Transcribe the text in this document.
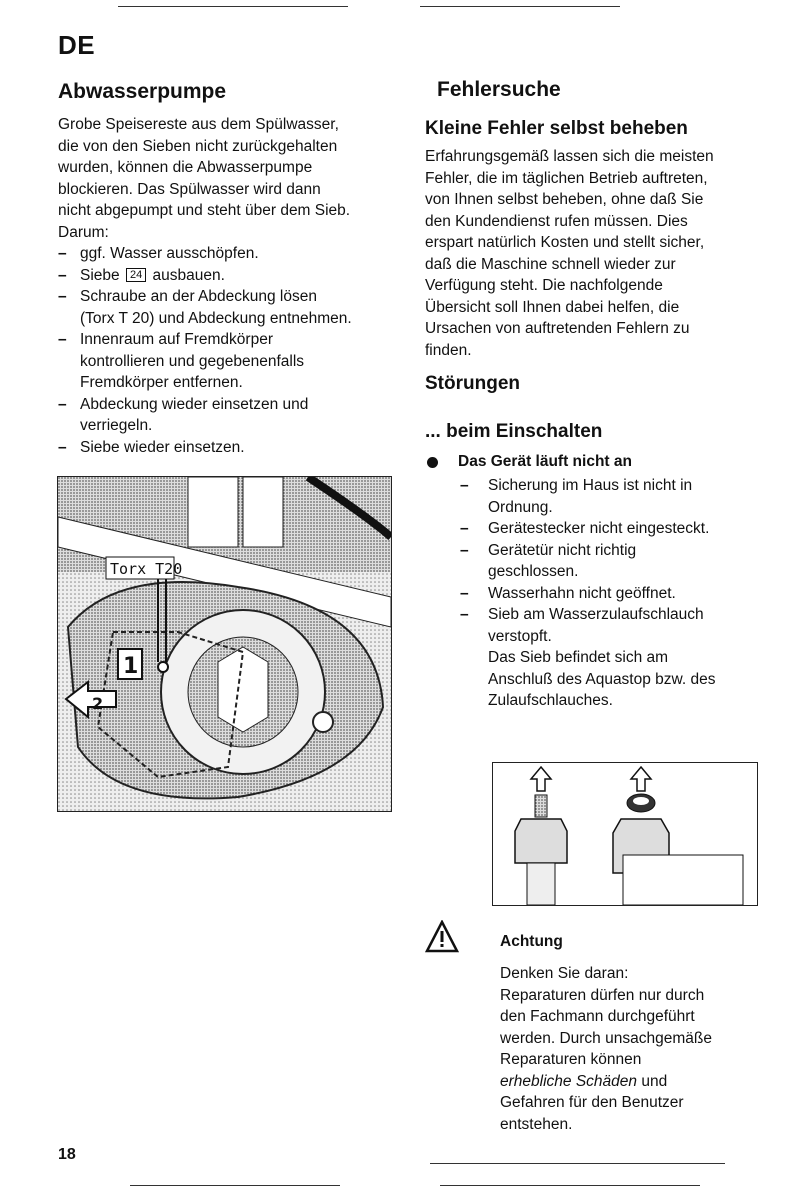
DE
Abwasserpumpe
Grobe Speisereste aus dem Spülwasser,
die von den Sieben nicht zurückgehalten
wurden, können die Abwasserpumpe
blockieren. Das Spülwasser wird dann
nicht abgepumpt und steht über dem Sieb.
Darum:
– ggf. Wasser ausschöpfen.
– Siebe 24 ausbauen.
– Schraube an der Abdeckung lösen
(Torx T 20) und Abdeckung entnehmen.
– Innenraum auf Fremdkörper
kontrollieren und gegebenenfalls
Fremdkörper entfernen.
– Abdeckung wieder einsetzen und
verriegeln.
– Siebe wieder einsetzen.
Torx T20
1
2
Fehlersuche
Kleine Fehler selbst beheben
Erfahrungsgemäß lassen sich die meisten
Fehler, die im täglichen Betrieb auftreten,
von Ihnen selbst beheben, ohne daß Sie
den Kundendienst rufen müssen. Dies
erspart natürlich Kosten und stellt sicher,
daß die Maschine schnell wieder zur
Verfügung steht. Die nachfolgende
Übersicht soll Ihnen dabei helfen, die
Ursachen von auftretenden Fehlern zu
finden.
Störungen
... beim Einschalten
Das Gerät läuft nicht an
– Sicherung im Haus ist nicht in
Ordnung.
– Gerätestecker nicht eingesteckt.
– Gerätetür nicht richtig
geschlossen.
– Wasserhahn nicht geöffnet.
– Sieb am Wasserzulaufschlauch
verstopft.
Das Sieb befindet sich am
Anschluß des Aquastop bzw. des
Zulaufschlauches.
Achtung
Denken Sie daran:
Reparaturen dürfen nur durch
den Fachmann durchgeführt
werden. Durch unsachgemäße
Reparaturen können
erhebliche Schäden und
Gefahren für den Benutzer
entstehen.
18
